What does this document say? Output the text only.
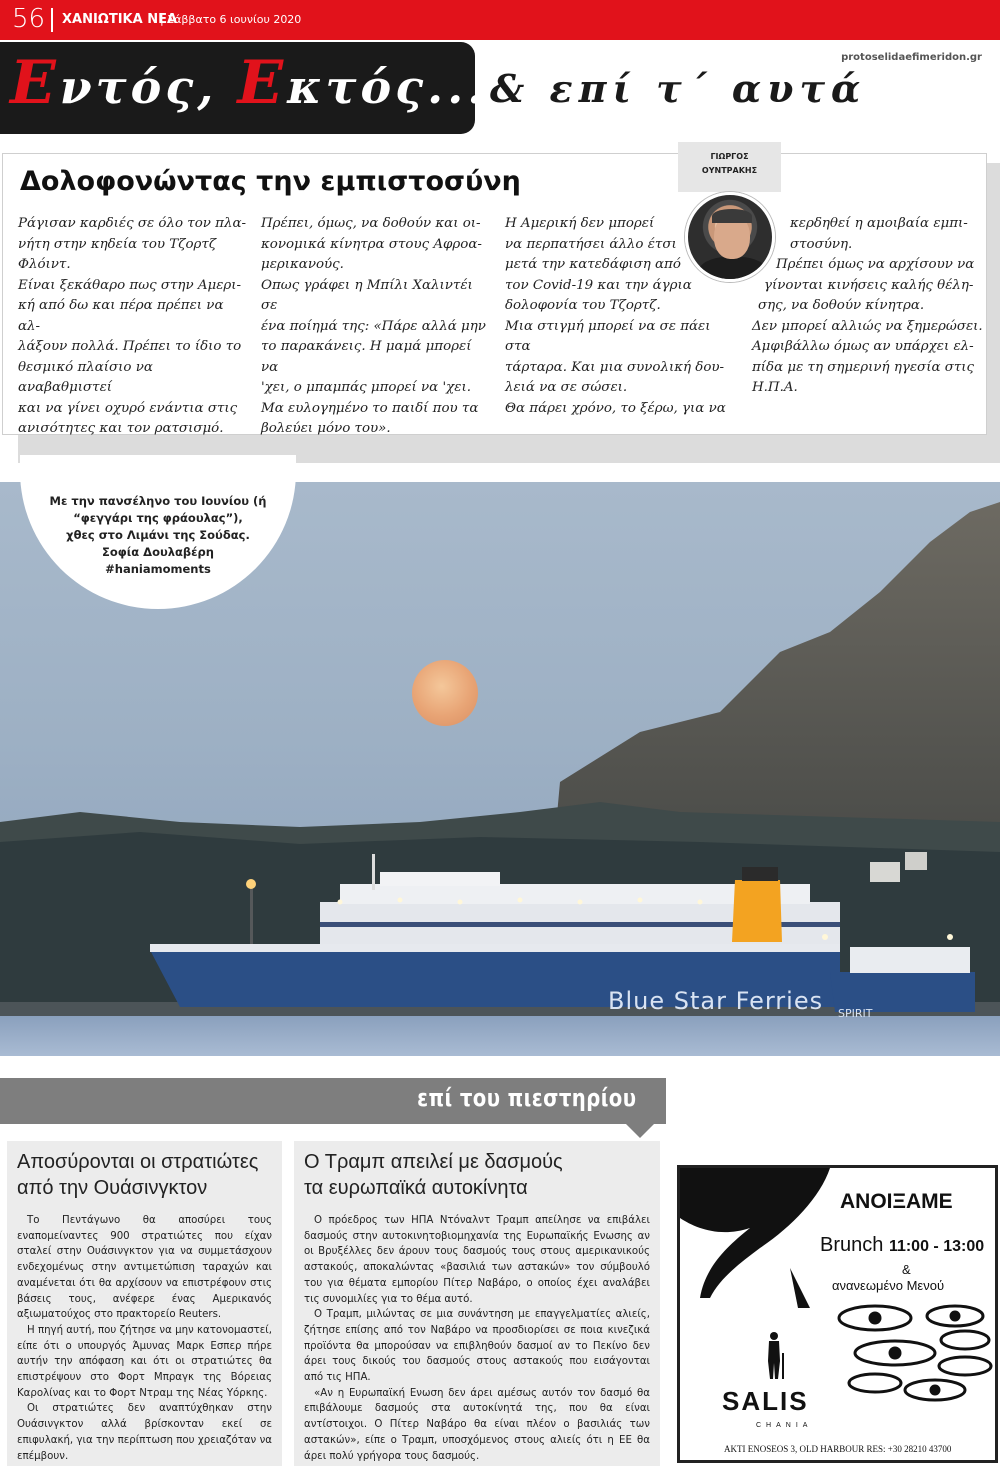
56 ΧΑΝΙΩΤΙΚΑ ΝΕΑ
| Σάββατο 6 ιουνίου 2020
Εντός, Εκτός... & επί τ΄ αυτά
protoselidaefimeridon.gr
ΓΙΩΡΓΟΣ
ΟΥΝΤΡΑΚΗΣ
Δολοφονώντας την εμπιστοσύνη

Ράγισαν καρδιές σε όλο τον πλα-

νήτη στην κηδεία του Τζορτζ

Φλόιντ.

Είναι ξεκάθαρο πως στην Αμερι-

κή από δω και πέρα πρέπει να αλ-

λάξουν πολλά. Πρέπει το ίδιο το

θεσμικό πλαίσιο να αναβαθμιστεί

και να γίνει οχυρό ενάντια στις

ανισότητες και τον ρατσισμό.

Πρέπει, όμως, να δοθούν και οι-

κονομικά κίνητρα στους Αφροα-

μερικανούς.

Οπως γράφει η Μπίλι Χαλιντέι σε

ένα ποίημά της: «Πάρε αλλά μην

το παρακάνεις. Η μαμά μπορεί να

'χει, ο μπαμπάς μπορεί να 'χει.

Μα ευλογημένο το παιδί που τα

βολεύει μόνο του».

Η Αμερική δεν μπορεί

να περπατήσει άλλο έτσι

μετά την κατεδάφιση από

τον Covid-19 και την άγρια

δολοφονία του Τζορτζ.

Μια στιγμή μπορεί να σε πάει στα

τάρταρα. Και μια συνολική δου-

λειά να σε σώσει.

Θα πάρει χρόνο, το ξέρω, για να

κερδηθεί η αμοιβαία εμπι-

στοσύνη.

Πρέπει όμως να αρχίσουν να

γίνονται κινήσεις καλής θέλη-

σης, να δοθούν κίνητρα.

Δεν μπορεί αλλιώς να ξημερώσει.

Αμφιβάλλω όμως αν υπάρχει ελ-

πίδα με τη σημερινή ηγεσία στις

Η.Π.Α.

Blue Star Ferries SPIRIT

Με την πανσέληνο του Ιουνίου (ή

“φεγγάρι της φράουλας”),

χθες στο Λιμάνι της Σούδας.

Σοφία Δουλαβέρη

#haniamoments

επί του πιεστηρίου
Αποσύρονται οι στρατιώτες
από την Ουάσινγκτον

Το Πεντάγωνο θα αποσύρει τους εναπομείναντες 900 στρατιώτες που είχαν σταλεί στην Ουάσινγκτον για να συμμετάσχουν ενδεχομένως στην αντιμετώπιση ταραχών και αναμένεται ότι θα αρχίσουν να επιστρέφουν στις βάσεις τους, ανέφερε ένας Αμερικανός αξιωματούχος στο πρακτορείο Reuters.

Η πηγή αυτή, που ζήτησε να μην κατονομαστεί, είπε ότι ο υπουργός Άμυνας Μαρκ Εσπερ πήρε αυτήν την απόφαση και ότι οι στρατιώτες θα επιστρέψουν στο Φορτ Μπραγκ της Βόρειας Καρολίνας και το Φορτ Ντραμ της Νέας Υόρκης.

Οι στρατιώτες δεν αναπτύχθηκαν στην Ουάσινγκτον αλλά βρίσκονταν εκεί σε επιφυλακή, για την περίπτωση που χρειαζόταν να επέμβουν.

Ο Τραμπ απειλεί με δασμούς
τα ευρωπαϊκά αυτοκίνητα

Ο πρόεδρος των ΗΠΑ Ντόναλντ Τραμπ απείλησε να επιβάλει δασμούς στην αυτοκινητοβιομηχανία της Ευρωπαϊκής Ενωσης αν οι Βρυξέλλες δεν άρουν τους δασμούς τους στους αμερικανικούς αστακούς, αποκαλώντας «βασιλιά των αστακών» τον σύμβουλό του για θέματα εμπορίου Πίτερ Ναβάρο, ο οποίος έχει αναλάβει τις συνομιλίες για το θέμα αυτό.

Ο Τραμπ, μιλώντας σε μια συνάντηση με επαγγελματίες αλιείς, ζήτησε επίσης από τον Ναβάρο να προσδιορίσει σε ποια κινεζικά προϊόντα θα μπορούσαν να επιβληθούν δασμοί αν το Πεκίνο δεν άρει τους δικούς του δασμούς στους αστακούς που εισάγονται από τις ΗΠΑ.

«Αν η Ευρωπαϊκή Ενωση δεν άρει αμέσως αυτόν τον δασμό θα επιβάλουμε δασμούς στα αυτοκίνητά της, που θα είναι αντίστοιχοι. Ο Πίτερ Ναβάρο θα είναι πλέον ο βασιλιάς των αστακών», είπε ο Τραμπ, υποσχόμενος στους αλιείς ότι η ΕΕ θα άρει πολύ γρήγορα τους δασμούς.

ΑΝΟΙΞΑΜΕ
Brunch 11:00 - 13:00
&
ανανεωμένο Μενού
SALIS
CHANIA
AKTI ENOSEOS 3, OLD HARBOUR RES: +30 28210 43700
